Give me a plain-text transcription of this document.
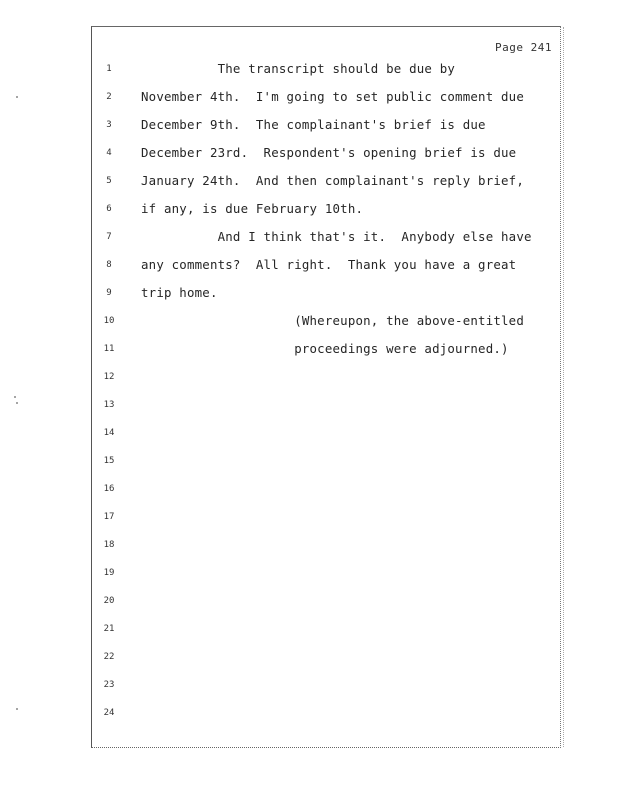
Page 241
1	The transcript should be due by
2	November 4th.  I'm going to set public comment due
3	December 9th.  The complainant's brief is due
4	December 23rd.  Respondent's opening brief is due
5	January 24th.  And then complainant's reply brief,
6	if any, is due February 10th.
7	And I think that's it.  Anybody else have
8	any comments?  All right.  Thank you have a great
9	trip home.
10 (Whereupon, the above-entitled
11 proceedings were adjourned.)
12
13
14
15
16
17
18
19
20
21
22
23
24
